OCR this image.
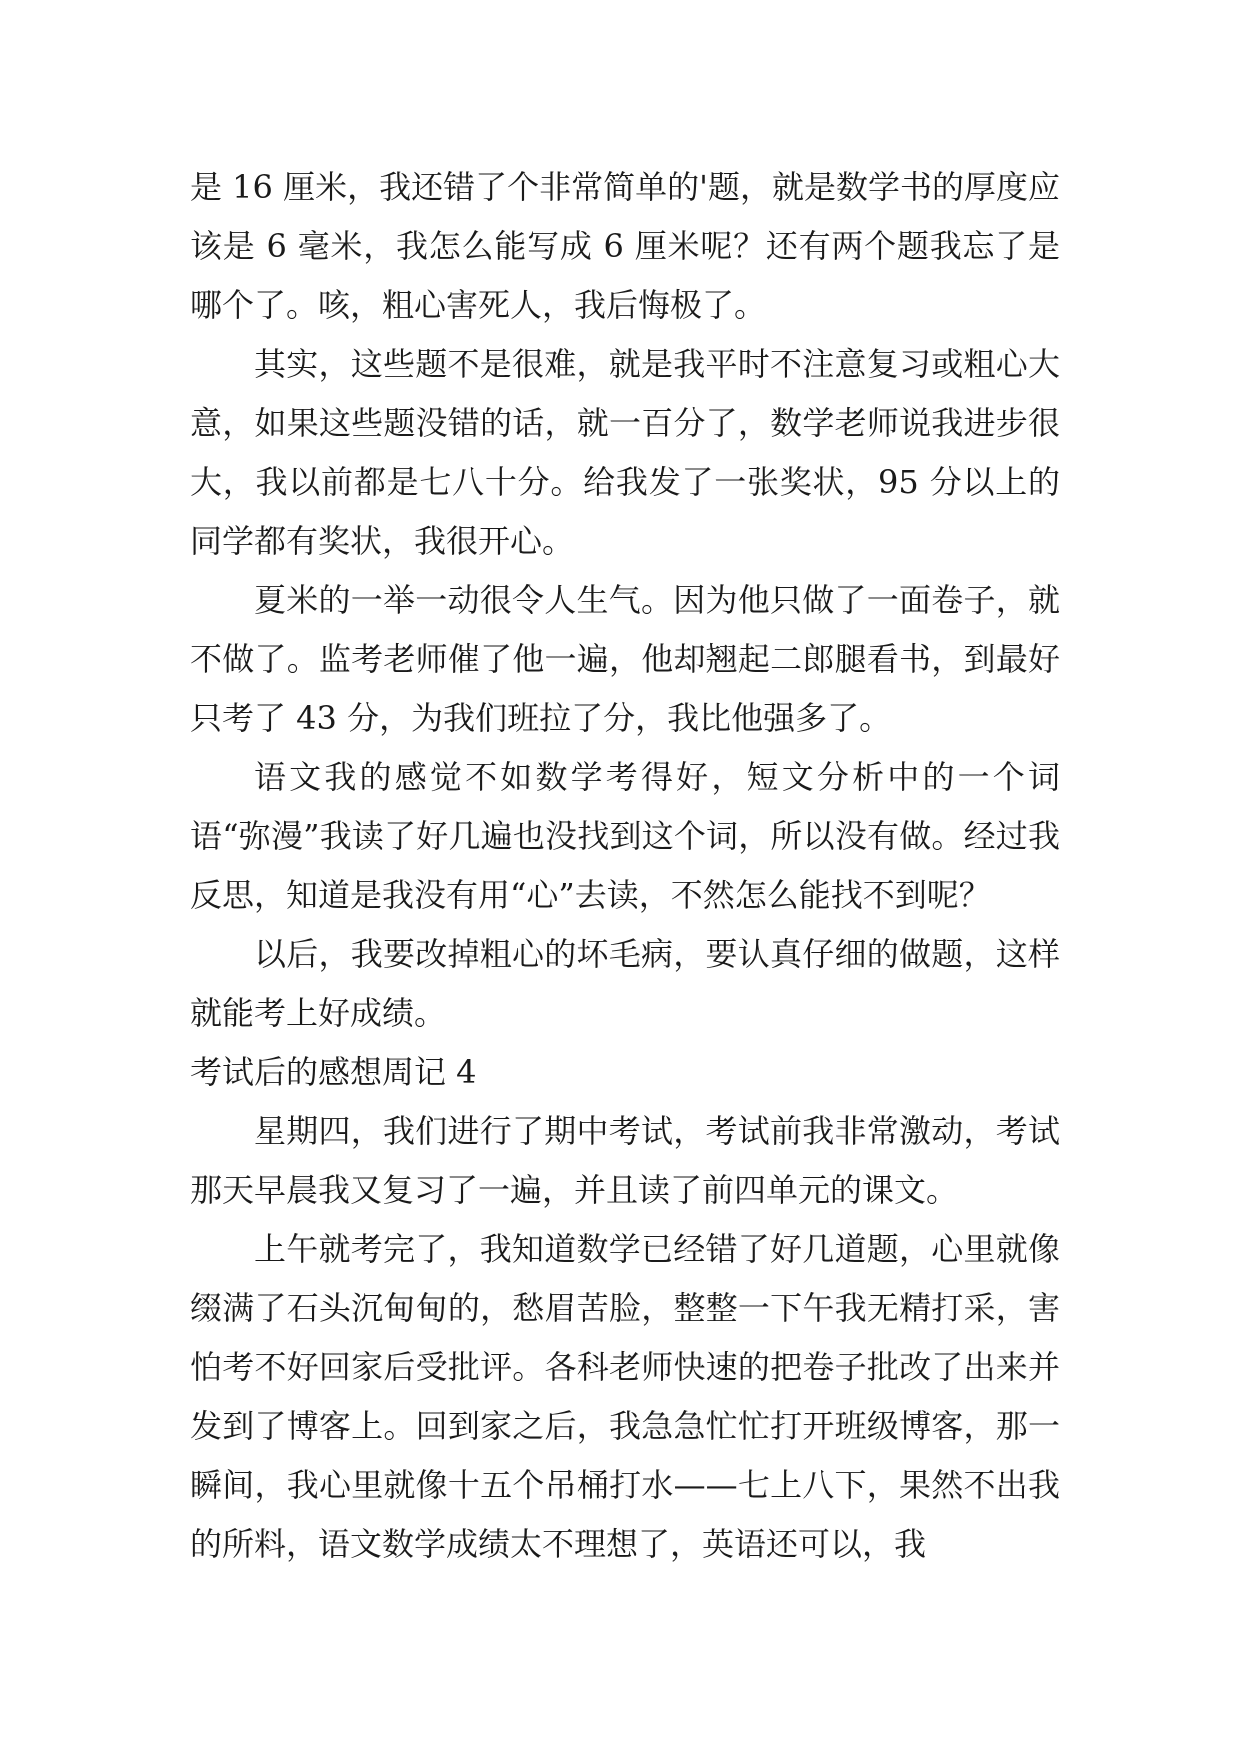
是 16 厘米，我还错了个非常简单的'题，就是数学书的厚度应该是 6 毫米，我怎么能写成 6 厘米呢？还有两个题我忘了是哪个了。咳，粗心害死人，我后悔极了。

其实，这些题不是很难，就是我平时不注意复习或粗心大意，如果这些题没错的话，就一百分了，数学老师说我进步很大，我以前都是七八十分。给我发了一张奖状，95 分以上的同学都有奖状，我很开心。

夏米的一举一动很令人生气。因为他只做了一面卷子，就不做了。监考老师催了他一遍，他却翘起二郎腿看书，到最好只考了 43 分，为我们班拉了分，我比他强多了。

语文我的感觉不如数学考得好，短文分析中的一个词语“弥漫”我读了好几遍也没找到这个词，所以没有做。经过我反思，知道是我没有用“心”去读，不然怎么能找不到呢？

以后，我要改掉粗心的坏毛病，要认真仔细的做题，这样就能考上好成绩。

考试后的感想周记 4

星期四，我们进行了期中考试，考试前我非常激动，考试那天早晨我又复习了一遍，并且读了前四单元的课文。

上午就考完了，我知道数学已经错了好几道题，心里就像缀满了石头沉甸甸的，愁眉苦脸，整整一下午我无精打采，害怕考不好回家后受批评。各科老师快速的把卷子批改了出来并发到了博客上。回到家之后，我急急忙忙打开班级博客，那一瞬间，我心里就像十五个吊桶打水——七上八下，果然不出我的所料，语文数学成绩太不理想了，英语还可以，我
